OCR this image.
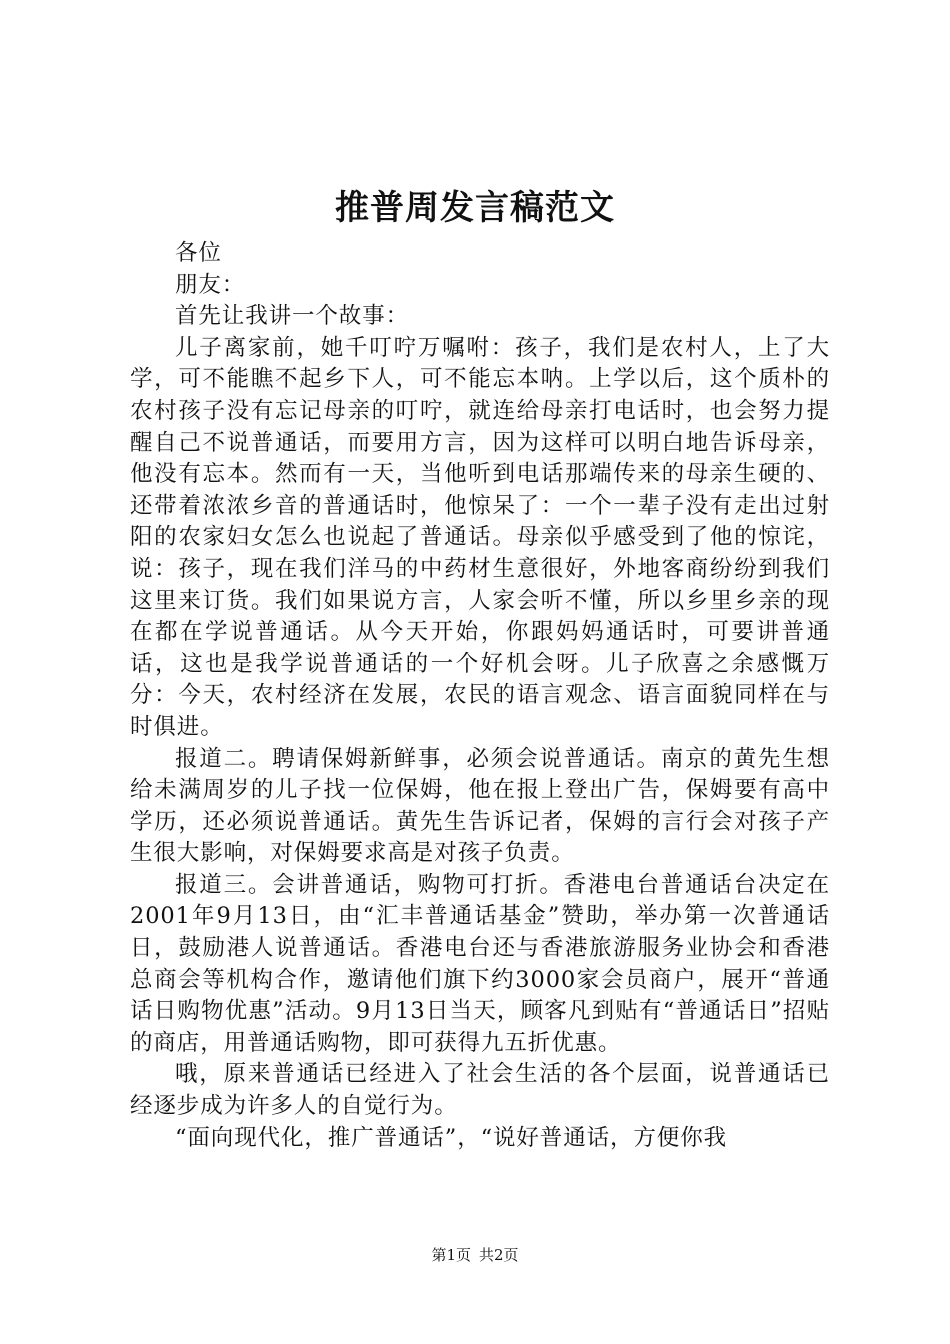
推普周发言稿范文

各位

朋友：

首先让我讲一个故事：

儿子离家前，她千叮咛万嘱咐：孩子，我们是农村人，上了大学，可不能瞧不起乡下人，可不能忘本呐。上学以后，这个质朴的农村孩子没有忘记母亲的叮咛，就连给母亲打电话时，也会努力提醒自己不说普通话，而要用方言，因为这样可以明白地告诉母亲，他没有忘本。然而有一天，当他听到电话那端传来的母亲生硬的、还带着浓浓乡音的普通话时，他惊呆了：一个一辈子没有走出过射阳的农家妇女怎么也说起了普通话。母亲似乎感受到了他的惊诧，说：孩子，现在我们洋马的中药材生意很好，外地客商纷纷到我们这里来订货。我们如果说方言，人家会听不懂，所以乡里乡亲的现在都在学说普通话。从今天开始，你跟妈妈通话时，可要讲普通话，这也是我学说普通话的一个好机会呀。儿子欣喜之余感慨万分：今天，农村经济在发展，农民的语言观念、语言面貌同样在与时俱进。

报道二。聘请保姆新鲜事，必须会说普通话。南京的黄先生想给未满周岁的儿子找一位保姆，他在报上登出广告，保姆要有高中学历，还必须说普通话。黄先生告诉记者，保姆的言行会对孩子产生很大影响，对保姆要求高是对孩子负责。

报道三。会讲普通话，购物可打折。香港电台普通话台决定在2001年9月13日，由“汇丰普通话基金”赞助，举办第一次普通话日，鼓励港人说普通话。香港电台还与香港旅游服务业协会和香港总商会等机构合作，邀请他们旗下约3000家会员商户，展开“普通话日购物优惠”活动。9月13日当天，顾客凡到贴有“普通话日”招贴的商店，用普通话购物，即可获得九五折优惠。

哦，原来普通话已经进入了社会生活的各个层面，说普通话已经逐步成为许多人的自觉行为。

“面向现代化，推广普通话”，“说好普通话，方便你我

第1页 共2页
